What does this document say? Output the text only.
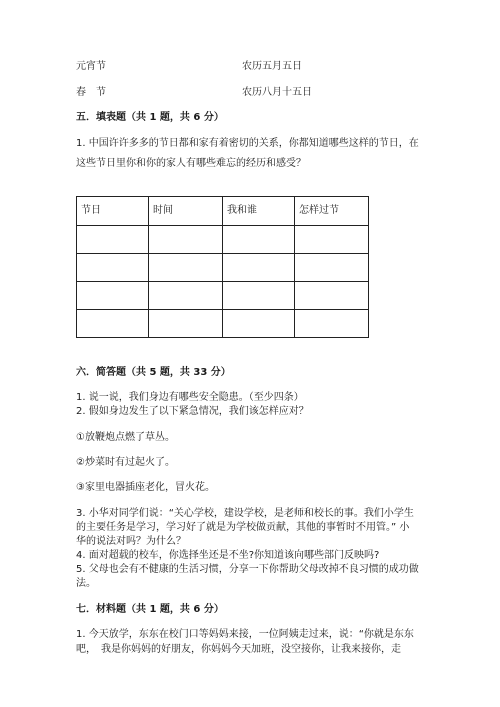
元宵节	农历五月五日
春　节	农历八月十五日
五．填表题（共 1 题，共 6 分）
1. 中国许许多多的节日都和家有着密切的关系，你都知道哪些这样的节日，在
这些节日里你和你的家人有哪些难忘的经历和感受？
节日	时间	我和谁	怎样过节

六．简答题（共 5 题，共 33 分）
1. 说一说，我们身边有哪些安全隐患。（至少四条）
2. 假如身边发生了以下紧急情况，我们该怎样应对？
①放鞭炮点燃了草丛。
②炒菜时有过起火了。
③家里电器插座老化，冒火花。
3. 小华对同学们说：“关心学校，建设学校，是老师和校长的事。我们小学生
的主要任务是学习，学习好了就是为学校做贡献，其他的事暂时不用管。” 小
华的说法对吗？为什么？
4. 面对超载的校车，你选择坐还是不坐?你知道该向哪些部门反映吗?
5. 父母也会有不健康的生活习惯，分享一下你帮助父母改掉不良习惯的成功做
法。
七．材料题（共 1 题，共 6 分）
1. 今天放学，东东在校门口等妈妈来接，一位阿姨走过来，说：“你就是东东
吧，　我是你妈妈的好朋友，你妈妈今天加班，没空接你，让我来接你，走
